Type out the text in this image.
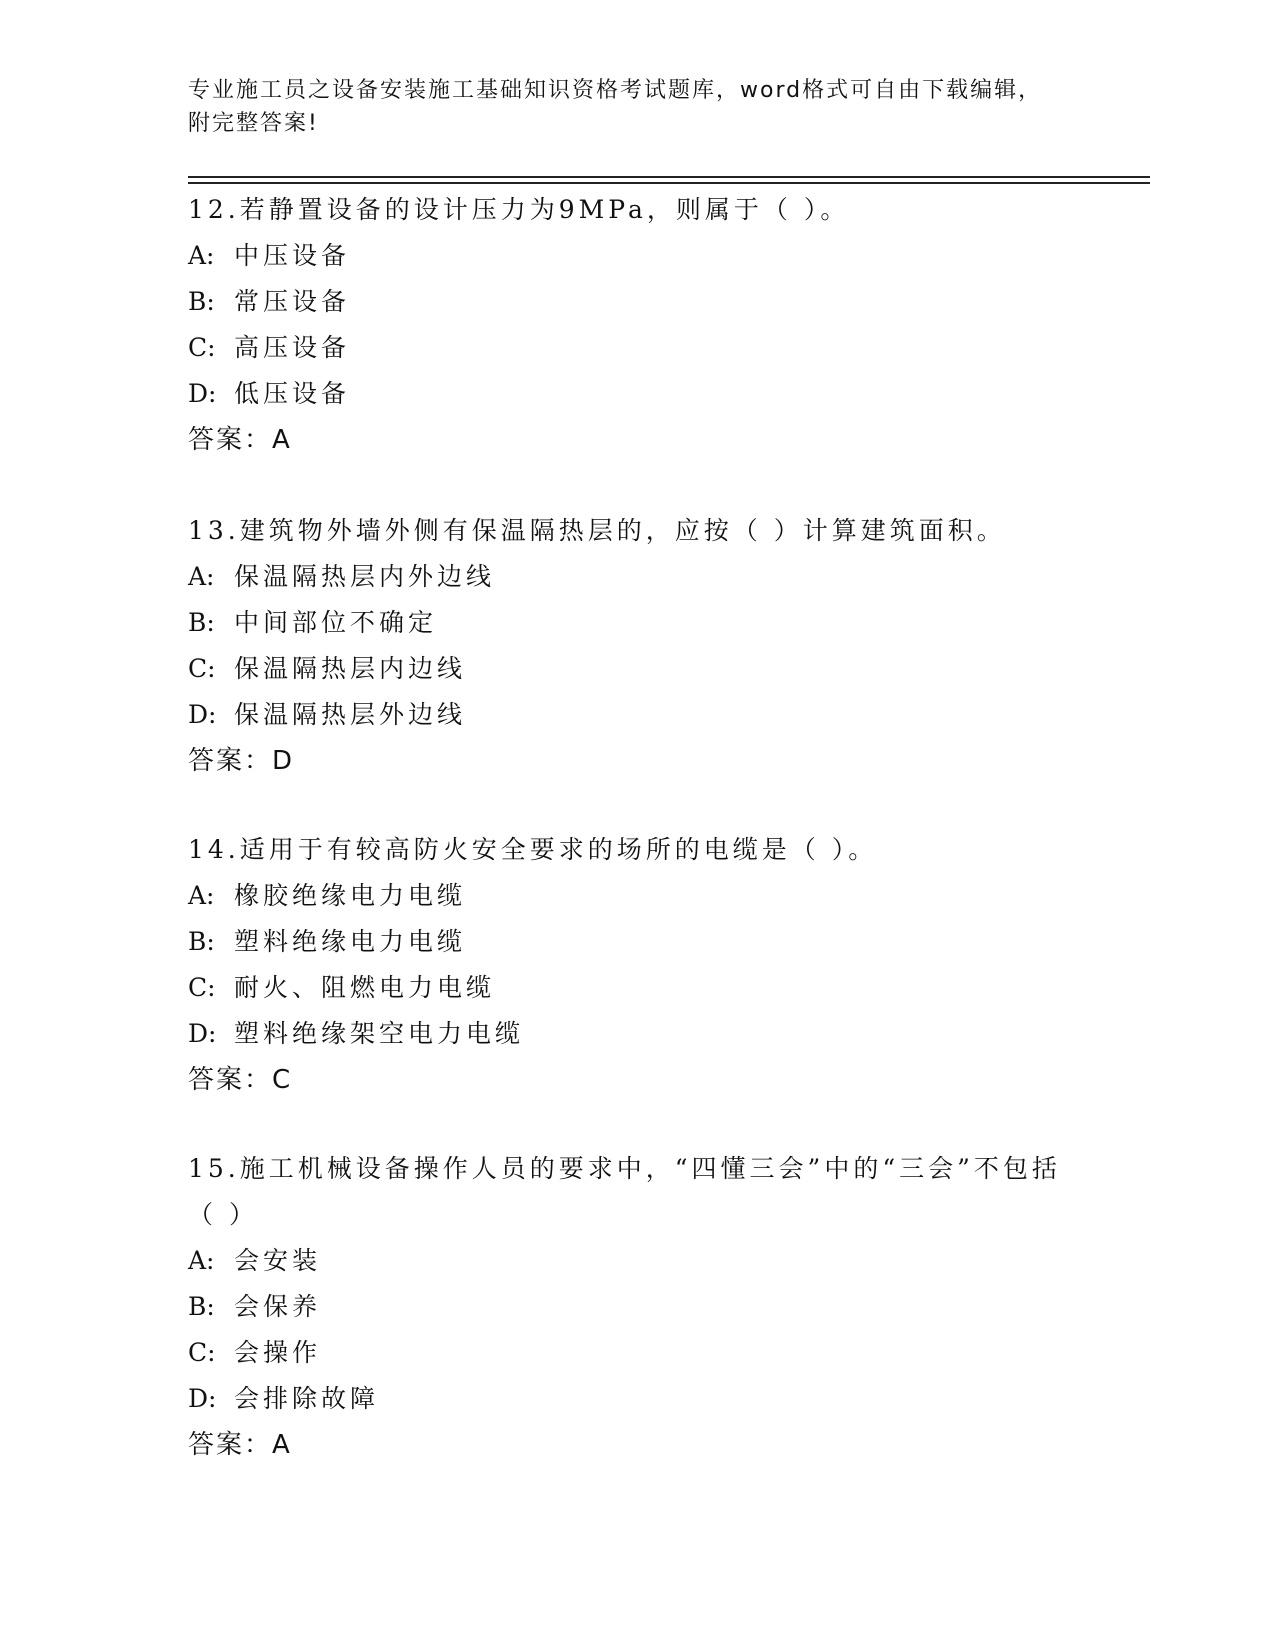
专业施工员之设备安装施工基础知识资格考试题库，word格式可自由下载编辑，
附完整答案!

12.若静置设备的设计压力为9MPa，则属于（ ）。

A: 中压设备

B: 常压设备

C: 高压设备

D: 低压设备

答案：A

13.建筑物外墙外侧有保温隔热层的，应按（ ）计算建筑面积。

A: 保温隔热层内外边线

B: 中间部位不确定

C: 保温隔热层内边线

D: 保温隔热层外边线

答案：D

14.适用于有较高防火安全要求的场所的电缆是（ ）。

A: 橡胶绝缘电力电缆

B: 塑料绝缘电力电缆

C: 耐火、阻燃电力电缆

D: 塑料绝缘架空电力电缆

答案：C

15.施工机械设备操作人员的要求中，“四懂三会”中的“三会”不包括（ ）

A: 会安装

B: 会保养

C: 会操作

D: 会排除故障

答案：A
